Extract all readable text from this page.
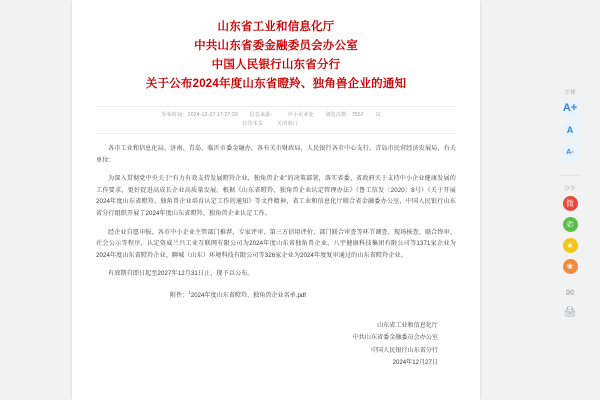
山东省工业和信息化厅
中共山东省委金融委员会办公室
中国人民银行山东省分行
关于公布2024年度山东省瞪羚、独角兽企业的通知
发布时间：2024-12-27 17:27:39 信息来源： 中小企业处 浏览次数：7557 次
打印本页	关闭窗口

各市工业和信息化局、济南、青岛、临沂市委金融办，各有关市财政局，人民银行各市中心支行、青岛市民营经济发展局，有关单位：

为深入贯彻党中央关于“有力有效支持发展瞪羚企业、独角兽企业”的决策部署，落实省委、省政府关于支持中小企业健康发展的工作要求，更好促进高成长企业高质量发展。根据《山东省瞪羚、独角兽企业认定管理办法》（鲁工信发〔2020〕8号）《关于开展2024年度山东省瞪羚、独角兽企业培育认定工作的通知》等文件精神，省工业和信息化厅联合省金融委办公室、中国人民银行山东省分行组织开展了2024年度山东省瞪羚、独角兽企业认定工作。

经企业自愿申报、各市中小企业主管部门推荐、专家评审、第三方信用评价、部门联合审查等环节调查、现场核查、联合终审、社会公示等程序，认定资威兰兴工业互联网有限公司为2024年度山东省独角兽企业、八宇健康科技集团有限公司等1371家企业为2024年度山东省瞪羚企业、聊城（山东）环境科技有限公司等326家企业为2024年度复审通过的山东省瞪羚企业。

有效期自即日起至2027年12月31日止，现予以公布。

附件：$^1$2024年度山东省瞪羚、独角兽企业名单.pdf
山东省工业和信息化厅
中共山东省委金融委员会办公室
中国人民银行山东省分行
2024年12月27日
字体
A+
A
A-
分享
微
✆
★
❀
✉
🖨
